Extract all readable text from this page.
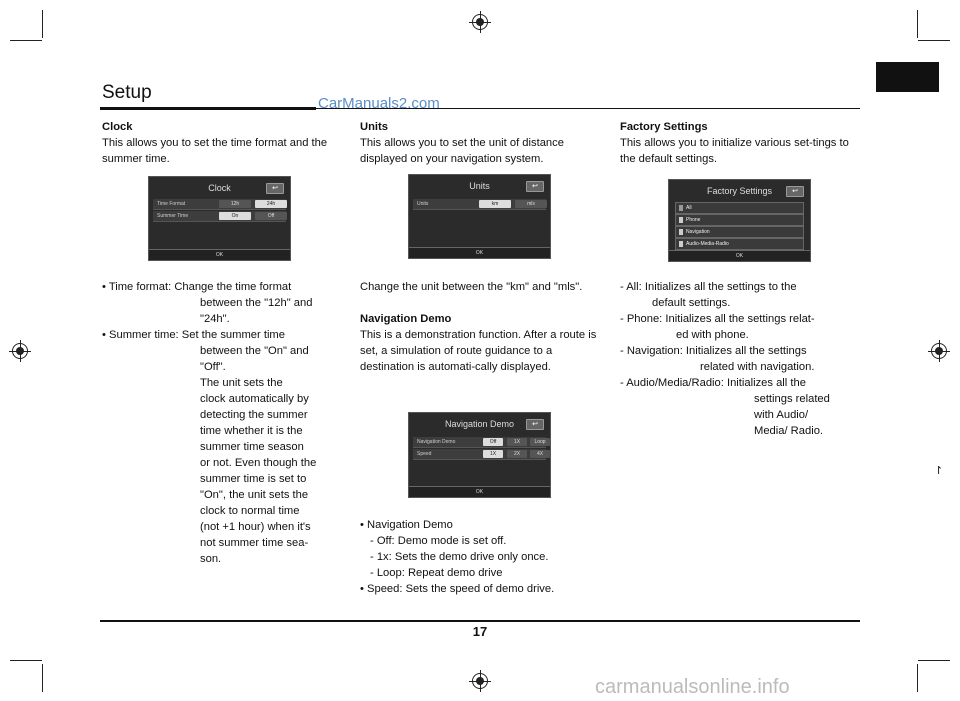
Setup
CarManuals2.com

Clock

This allows you to set the time format and the summer time.

Clock	↩
Time Format	12h	24h
Summer Time	On	Off
OK

• Time format: Change the time format

between the "12h" and

"24h".

• Summer time: Set the summer time

between the "On" and

"Off".

The unit sets the

clock automatically by

detecting the summer

time whether it is the

summer time season

or not. Even though the

summer time is set to

"On", the unit sets the

clock to normal time

(not +1 hour) when it's

not summer time sea-

son.

Units

This allows you to set the unit of distance displayed on your navigation system.

Units	↩
Units	km	mls
OK

Change the unit between the "km" and "mls".

Navigation Demo

This is a demonstration function. After a route is set, a simulation of route guidance to a destination is automati-cally displayed.

Navigation Demo	↩
Navigation Demo	Off	1X	Loop
Speed	1X	2X	4X
OK

• Navigation Demo

- Off: Demo mode is set off.

- 1x: Sets the demo drive only once.

- Loop: Repeat demo drive

• Speed: Sets the speed of demo drive.

Factory Settings

This allows you to initialize various set-tings to the default settings.

Factory Settings	↩
All
Phone
Navigation
Audio-Media-Radio
OK

- All: Initializes all the settings to the

default settings.

- Phone: Initializes all the settings relat-

ed with phone.

- Navigation: Initializes all the settings

related with navigation.

- Audio/Media/Radio: Initializes all the

settings related

with Audio/

Media/ Radio.

↾
17
carmanualsonline.info
